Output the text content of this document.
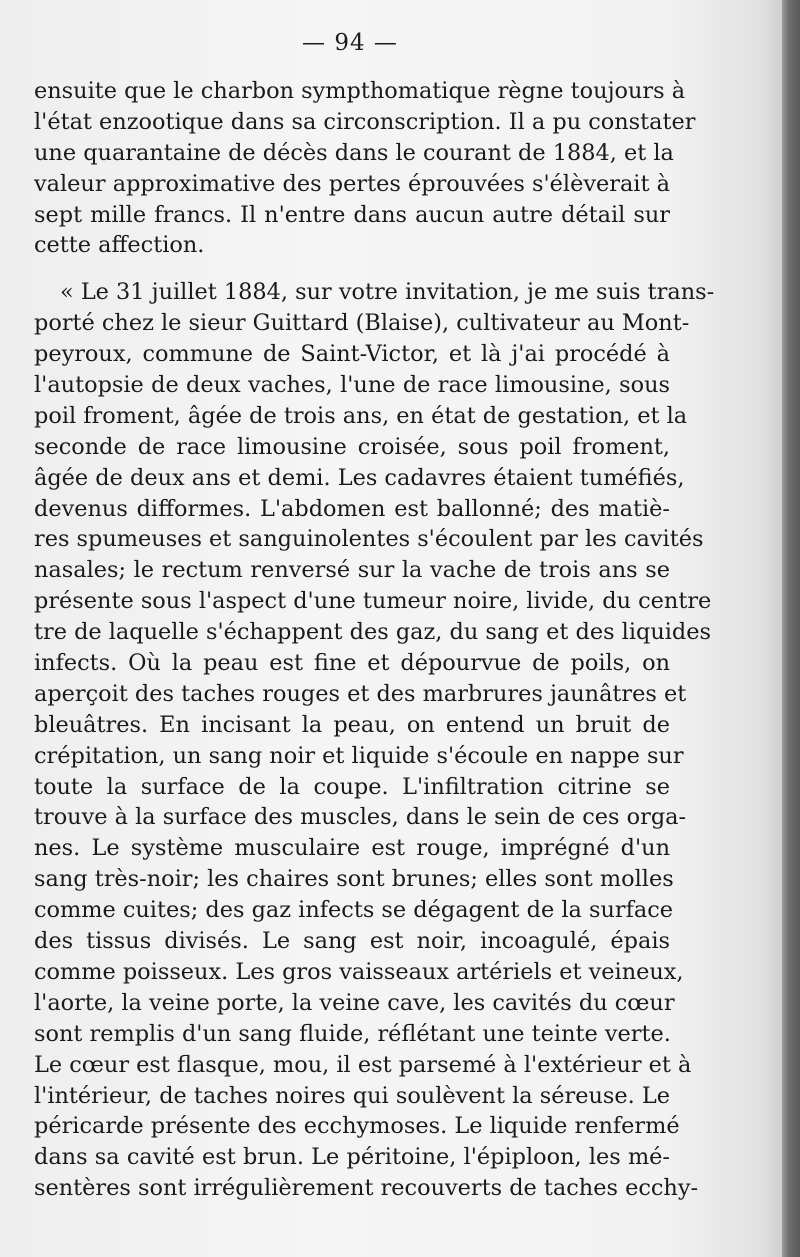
— 94 —
ensuite que le charbon sympthomatique règne toujours à
l'état enzootique dans sa circonscription. Il a pu constater
une quarantaine de décès dans le courant de 1884, et la
valeur approximative des pertes éprouvées s'élèverait à
sept mille francs. Il n'entre dans aucun autre détail sur
cette affection.
« Le 31 juillet 1884, sur votre invitation, je me suis trans-
porté chez le sieur Guittard (Blaise), cultivateur au Mont-
peyroux, commune de Saint-Victor, et là j'ai procédé à
l'autopsie de deux vaches, l'une de race limousine, sous
poil froment, âgée de trois ans, en état de gestation, et la
seconde de race limousine croisée, sous poil froment,
âgée de deux ans et demi. Les cadavres étaient tuméfiés,
devenus difformes. L'abdomen est ballonné; des matiè-
res spumeuses et sanguinolentes s'écoulent par les cavités
nasales; le rectum renversé sur la vache de trois ans se
présente sous l'aspect d'une tumeur noire, livide, du centre
tre de laquelle s'échappent des gaz, du sang et des liquides
infects. Où la peau est fine et dépourvue de poils, on
aperçoit des taches rouges et des marbrures jaunâtres et
bleuâtres. En incisant la peau, on entend un bruit de
crépitation, un sang noir et liquide s'écoule en nappe sur
toute la surface de la coupe. L'infiltration citrine se
trouve à la surface des muscles, dans le sein de ces orga-
nes. Le système musculaire est rouge, imprégné d'un
sang très-noir; les chaires sont brunes; elles sont molles
comme cuites; des gaz infects se dégagent de la surface
des tissus divisés. Le sang est noir, incoagulé, épais
comme poisseux. Les gros vaisseaux artériels et veineux,
l'aorte, la veine porte, la veine cave, les cavités du cœur
sont remplis d'un sang fluide, réflétant une teinte verte.
Le cœur est flasque, mou, il est parsemé à l'extérieur et à
l'intérieur, de taches noires qui soulèvent la séreuse. Le
péricarde présente des ecchymoses. Le liquide renfermé
dans sa cavité est brun. Le péritoine, l'épiploon, les mé-
sentères sont irrégulièrement recouverts de taches ecchy-
